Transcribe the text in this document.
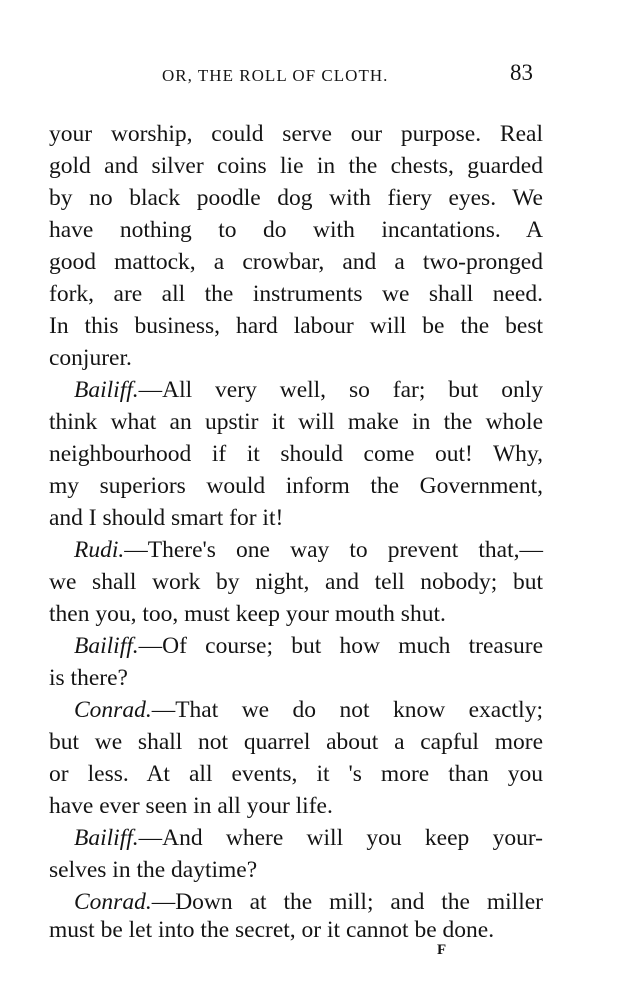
OR, THE ROLL OF CLOTH.	83
your worship, could serve our purpose. Real
gold and silver coins lie in the chests, guarded
by no black poodle dog with fiery eyes. We
have nothing to do with incantations. A
good mattock, a crowbar, and a two-pronged
fork, are all the instruments we shall need.
In this business, hard labour will be the best
conjurer.
Bailiff.—All very well, so far; but only
think what an upstir it will make in the whole
neighbourhood if it should come out! Why,
my superiors would inform the Government,
and I should smart for it!
Rudi.—There's one way to prevent that,—
we shall work by night, and tell nobody; but
then you, too, must keep your mouth shut.
Bailiff.—Of course; but how much treasure
is there?
Conrad.—That we do not know exactly;
but we shall not quarrel about a capful more
or less. At all events, it 's more than you
have ever seen in all your life.
Bailiff.—And where will you keep your-
selves in the daytime?
Conrad.—Down at the mill; and the miller
must be let into the secret, or it cannot be done.
F
